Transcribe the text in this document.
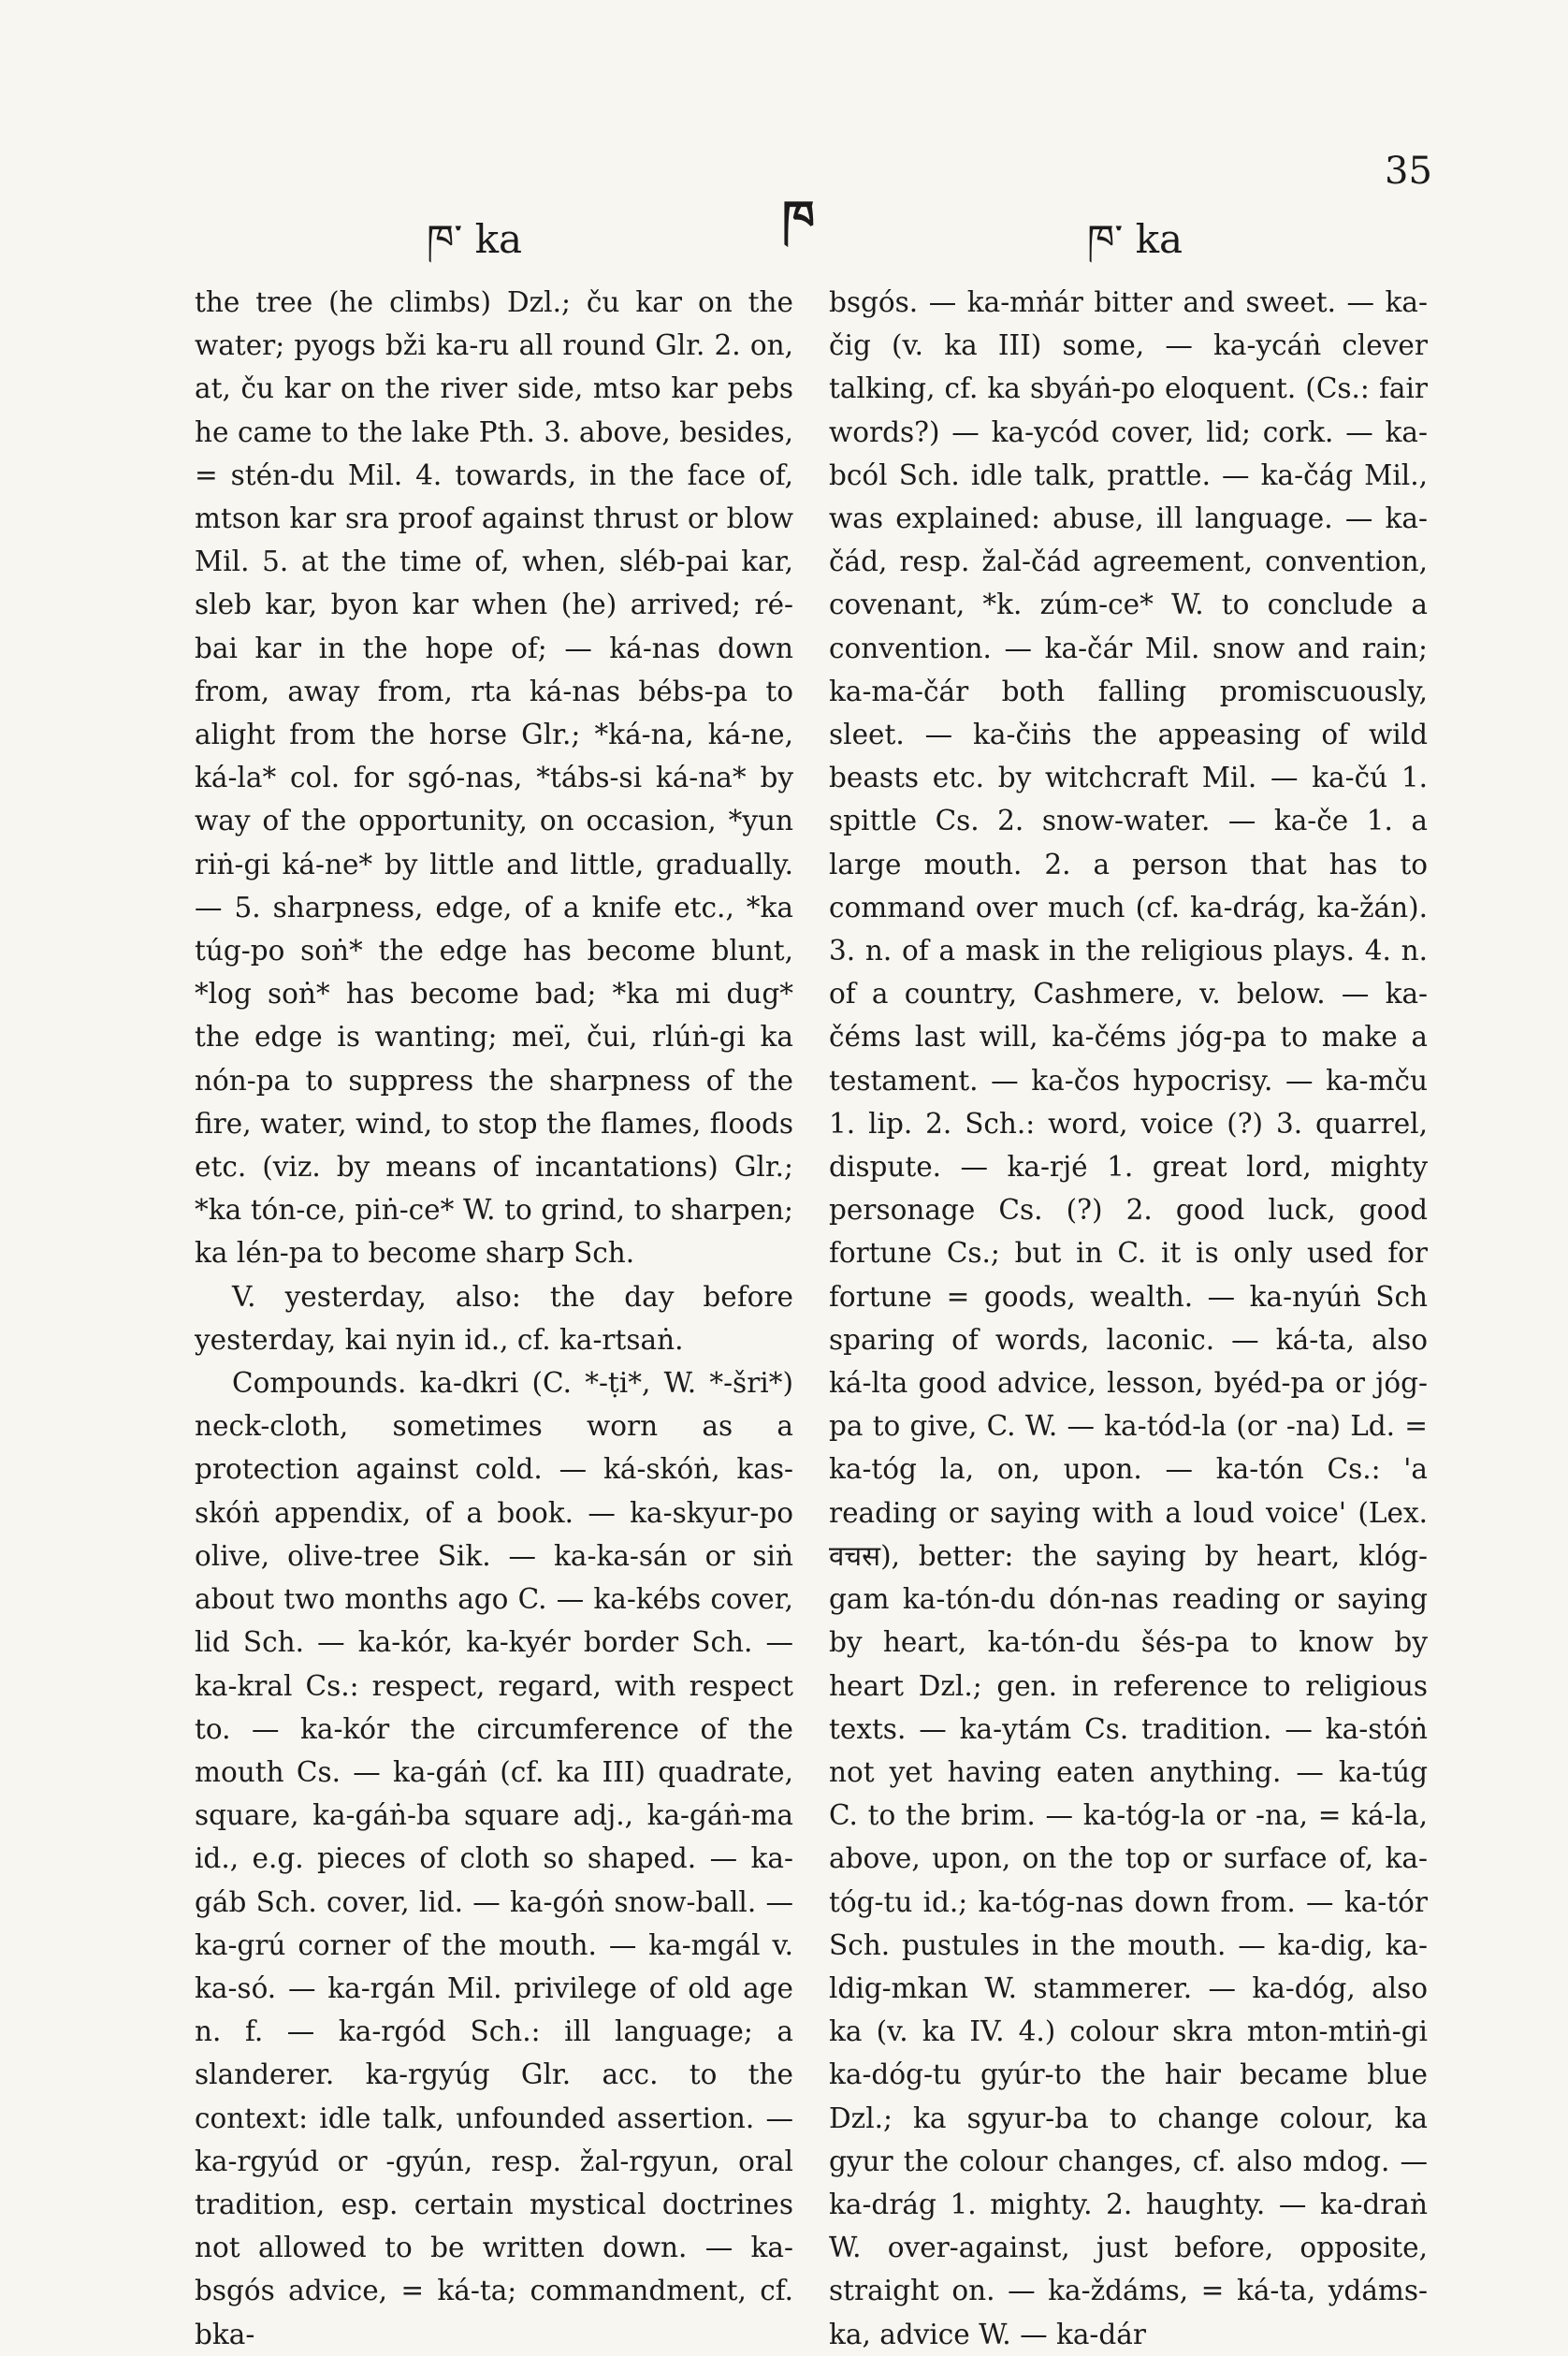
ཁ་ ka	ཁ	ཁ་ ka
35

the tree (he climbs) Dzl.; ču kar on the water; pyogs bži ka-ru all round Glr. 2. on, at, ču kar on the river side, mtso kar pebs he came to the lake Pth. 3. above, besides, = stén-du Mil. 4. towards, in the face of, mtson kar sra proof against thrust or blow Mil. 5. at the time of, when, sléb-pai kar, sleb kar, byon kar when (he) arrived; ré-bai kar in the hope of; — ká-nas down from, away from, rta ká-nas bébs-pa to alight from the horse Glr.; *ká-na, ká-ne, ká-la* col. for sgó-nas, *tábs-si ká-na* by way of the opportunity, on occasion, *yun riṅ-gi ká-ne* by little and little, gradually. — 5. sharpness, edge, of a knife etc., *ka túg-po soṅ* the edge has become blunt, *log soṅ* has become bad; *ka mi dug* the edge is wanting; meï, čui, rlúṅ-gi ka nón-pa to suppress the sharpness of the fire, water, wind, to stop the flames, floods etc. (viz. by means of incantations) Glr.; *ka tón-ce, piṅ-ce* W. to grind, to sharpen; ka lén-pa to become sharp Sch.

V. yesterday, also: the day before yesterday, kai nyin id., cf. ka-rtsaṅ.

Compounds. ka-dkri (C. *-ṭi*, W. *-šri*) neck-cloth, sometimes worn as a protection against cold. — ká-skóṅ, kas-skóṅ appendix, of a book. — ka-skyur-po olive, olive-tree Sik. — ka-ka-sán or siṅ about two months ago C. — ka-kébs cover, lid Sch. — ka-kór, ka-kyér border Sch. — ka-kral Cs.: respect, regard, with respect to. — ka-kór the circumference of the mouth Cs. — ka-gáṅ (cf. ka III) quadrate, square, ka-gáṅ-ba square adj., ka-gáṅ-ma id., e.g. pieces of cloth so shaped. — ka-gáb Sch. cover, lid. — ka-góṅ snow-ball. — ka-grú corner of the mouth. — ka-mgál v. ka-só. — ka-rgán Mil. privilege of old age n. f. — ka-rgód Sch.: ill language; a slanderer. ka-rgyúg Glr. acc. to the context: idle talk, unfounded assertion. — ka-rgyúd or -gyún, resp. žal-rgyun, oral tradition, esp. certain mystical doctrines not allowed to be written down. — ka-bsgós advice, = ká-ta; commandment, cf. bka-

bsgós. — ka-mṅár bitter and sweet. — ka-čig (v. ka III) some, — ka-ycáṅ clever talking, cf. ka sbyáṅ-po eloquent. (Cs.: fair words?) — ka-ycód cover, lid; cork. — ka-bcól Sch. idle talk, prattle. — ka-čág Mil., was explained: abuse, ill language. — ka-čád, resp. žal-čád agreement, convention, covenant, *k. zúm-ce* W. to conclude a convention. — ka-čár Mil. snow and rain; ka-ma-čár both falling promiscuously, sleet. — ka-čiṅs the appeasing of wild beasts etc. by witchcraft Mil. — ka-čú 1. spittle Cs. 2. snow-water. — ka-če 1. a large mouth. 2. a person that has to command over much (cf. ka-drág, ka-žán). 3. n. of a mask in the religious plays. 4. n. of a country, Cashmere, v. below. — ka-čéms last will, ka-čéms jóg-pa to make a testament. — ka-čos hypocrisy. — ka-mču 1. lip. 2. Sch.: word, voice (?) 3. quarrel, dispute. — ka-rjé 1. great lord, mighty personage Cs. (?) 2. good luck, good fortune Cs.; but in C. it is only used for fortune = goods, wealth. — ka-nyúṅ Sch sparing of words, laconic. — ká-ta, also ká-lta good advice, lesson, byéd-pa or jóg-pa to give, C. W. — ka-tód-la (or -na) Ld. = ka-tóg la, on, upon. — ka-tón Cs.: 'a reading or saying with a loud voice' (Lex. वचस), better: the saying by heart, klóg-gam ka-tón-du dón-nas reading or saying by heart, ka-tón-du šés-pa to know by heart Dzl.; gen. in reference to religious texts. — ka-ytám Cs. tradition. — ka-stóṅ not yet having eaten anything. — ka-túg C. to the brim. — ka-tóg-la or -na, = ká-la, above, upon, on the top or surface of, ka-tóg-tu id.; ka-tóg-nas down from. — ka-tór Sch. pustules in the mouth. — ka-dig, ka-ldig-mkan W. stammerer. — ka-dóg, also ka (v. ka IV. 4.) colour skra mton-mtiṅ-gi ka-dóg-tu gyúr-to the hair became blue Dzl.; ka sgyur-ba to change colour, ka gyur the colour changes, cf. also mdog. — ka-drág 1. mighty. 2. haughty. — ka-draṅ W. over-against, just before, opposite, straight on. — ka-ždáms, = ká-ta, ydáms-ka, advice W. — ka-dár
